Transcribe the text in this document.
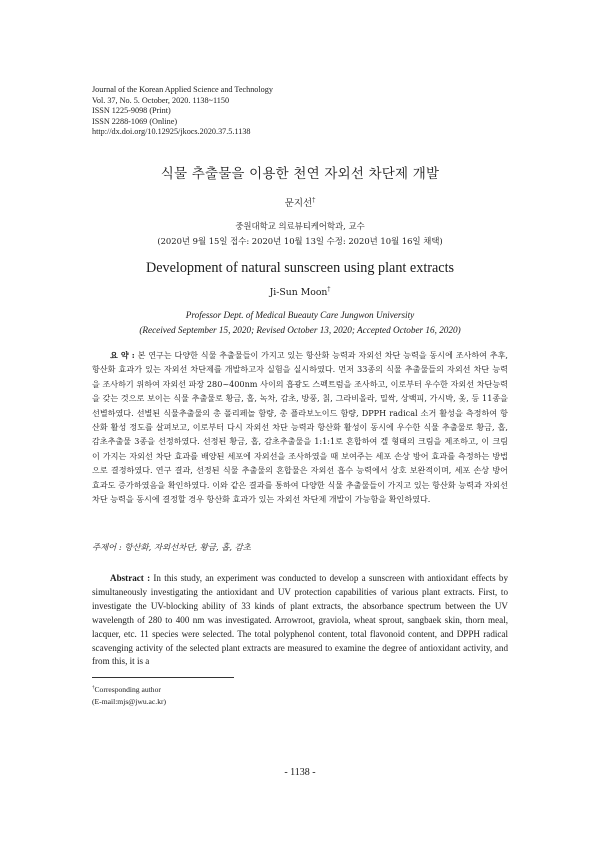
Journal of the Korean Applied Science and Technology
Vol. 37, No. 5. October, 2020. 1138~1150
ISSN 1225-9098 (Print)
ISSN 2288-1069 (Online)
http://dx.doi.org/10.12925/jkocs.2020.37.5.1138
식물 추출물을 이용한 천연 자외선 차단제 개발
문지선†
중원대학교 의료뷰티케어학과, 교수
(2020년 9월 15일 접수: 2020년 10월 13일 수정: 2020년 10월 16일 채택)
Development of natural sunscreen using plant extracts
Ji-Sun Moon†
Professor Dept. of Medical Bueauty Care Jungwon University
(Received September 15, 2020; Revised October 13, 2020; Accepted October 16, 2020)
요 약 : 본 연구는 다양한 식물 추출물들이 가지고 있는 항산화 능력과 자외선 차단 능력을 동시에 조사하여 추후, 항산화 효과가 있는 자외선 차단제를 개발하고자 실험을 실시하였다. 먼저 33종의 식물 추출물들의 자외선 차단 능력을 조사하기 위하여 자외선 파장 280~400nm 사이의 흡광도 스펙트럼을 조사하고, 이로부터 우수한 자외선 차단능력을 갖는 것으로 보이는 식물 추출물로 황금, 홉, 녹차, 감초, 방풍, 칡, 그라비올라, 밀싹, 상백피, 가시박, 옻, 등 11종을 선별하였다. 선별된 식물추출물의 총 폴리페놀 함량, 총 플라보노이드 함량, DPPH radical 소거 활성을 측정하여 항산화 활성 정도를 살펴보고, 이로부터 다시 자외선 차단 능력과 항산화 활성이 동시에 우수한 식물 추출물로 황금, 홉, 감초추출물 3종을 선정하였다. 선정된 황금, 홉, 감초추출물을 1:1:1로 혼합하여 겔 형태의 크림을 제조하고, 이 크림이 가지는 자외선 차단 효과를 배양된 세포에 자외선을 조사하였을 때 보여주는 세포 손상 방어 효과를 측정하는 방법으로 결정하였다. 연구 결과, 선정된 식물 추출물의 혼합물은 자외선 흡수 능력에서 상호 보완적이며, 세포 손상 방어 효과도 증가하였음을 확인하였다. 이와 같은 결과를 통하여 다양한 식물 추출물들이 가지고 있는 항산화 능력과 자외선 차단 능력을 동시에 결정할 경우 항산화 효과가 있는 자외선 차단제 개발이 가능함을 확인하였다.
주제어 : 항산화, 자외선차단, 황금, 홉, 감초
Abstract : In this study, an experiment was conducted to develop a sunscreen with antioxidant effects by simultaneously investigating the antioxidant and UV protection capabilities of various plant extracts. First, to investigate the UV-blocking ability of 33 kinds of plant extracts, the absorbance spectrum between the UV wavelength of 280 to 400 nm was investigated. Arrowroot, graviola, wheat sprout, sangbaek skin, thorn meal, lacquer, etc. 11 species were selected. The total polyphenol content, total flavonoid content, and DPPH radical scavenging activity of the selected plant extracts are measured to examine the degree of antioxidant activity, and from this, it is a
†Corresponding author
(E-mail:mjs@jwu.ac.kr)
- 1138 -
